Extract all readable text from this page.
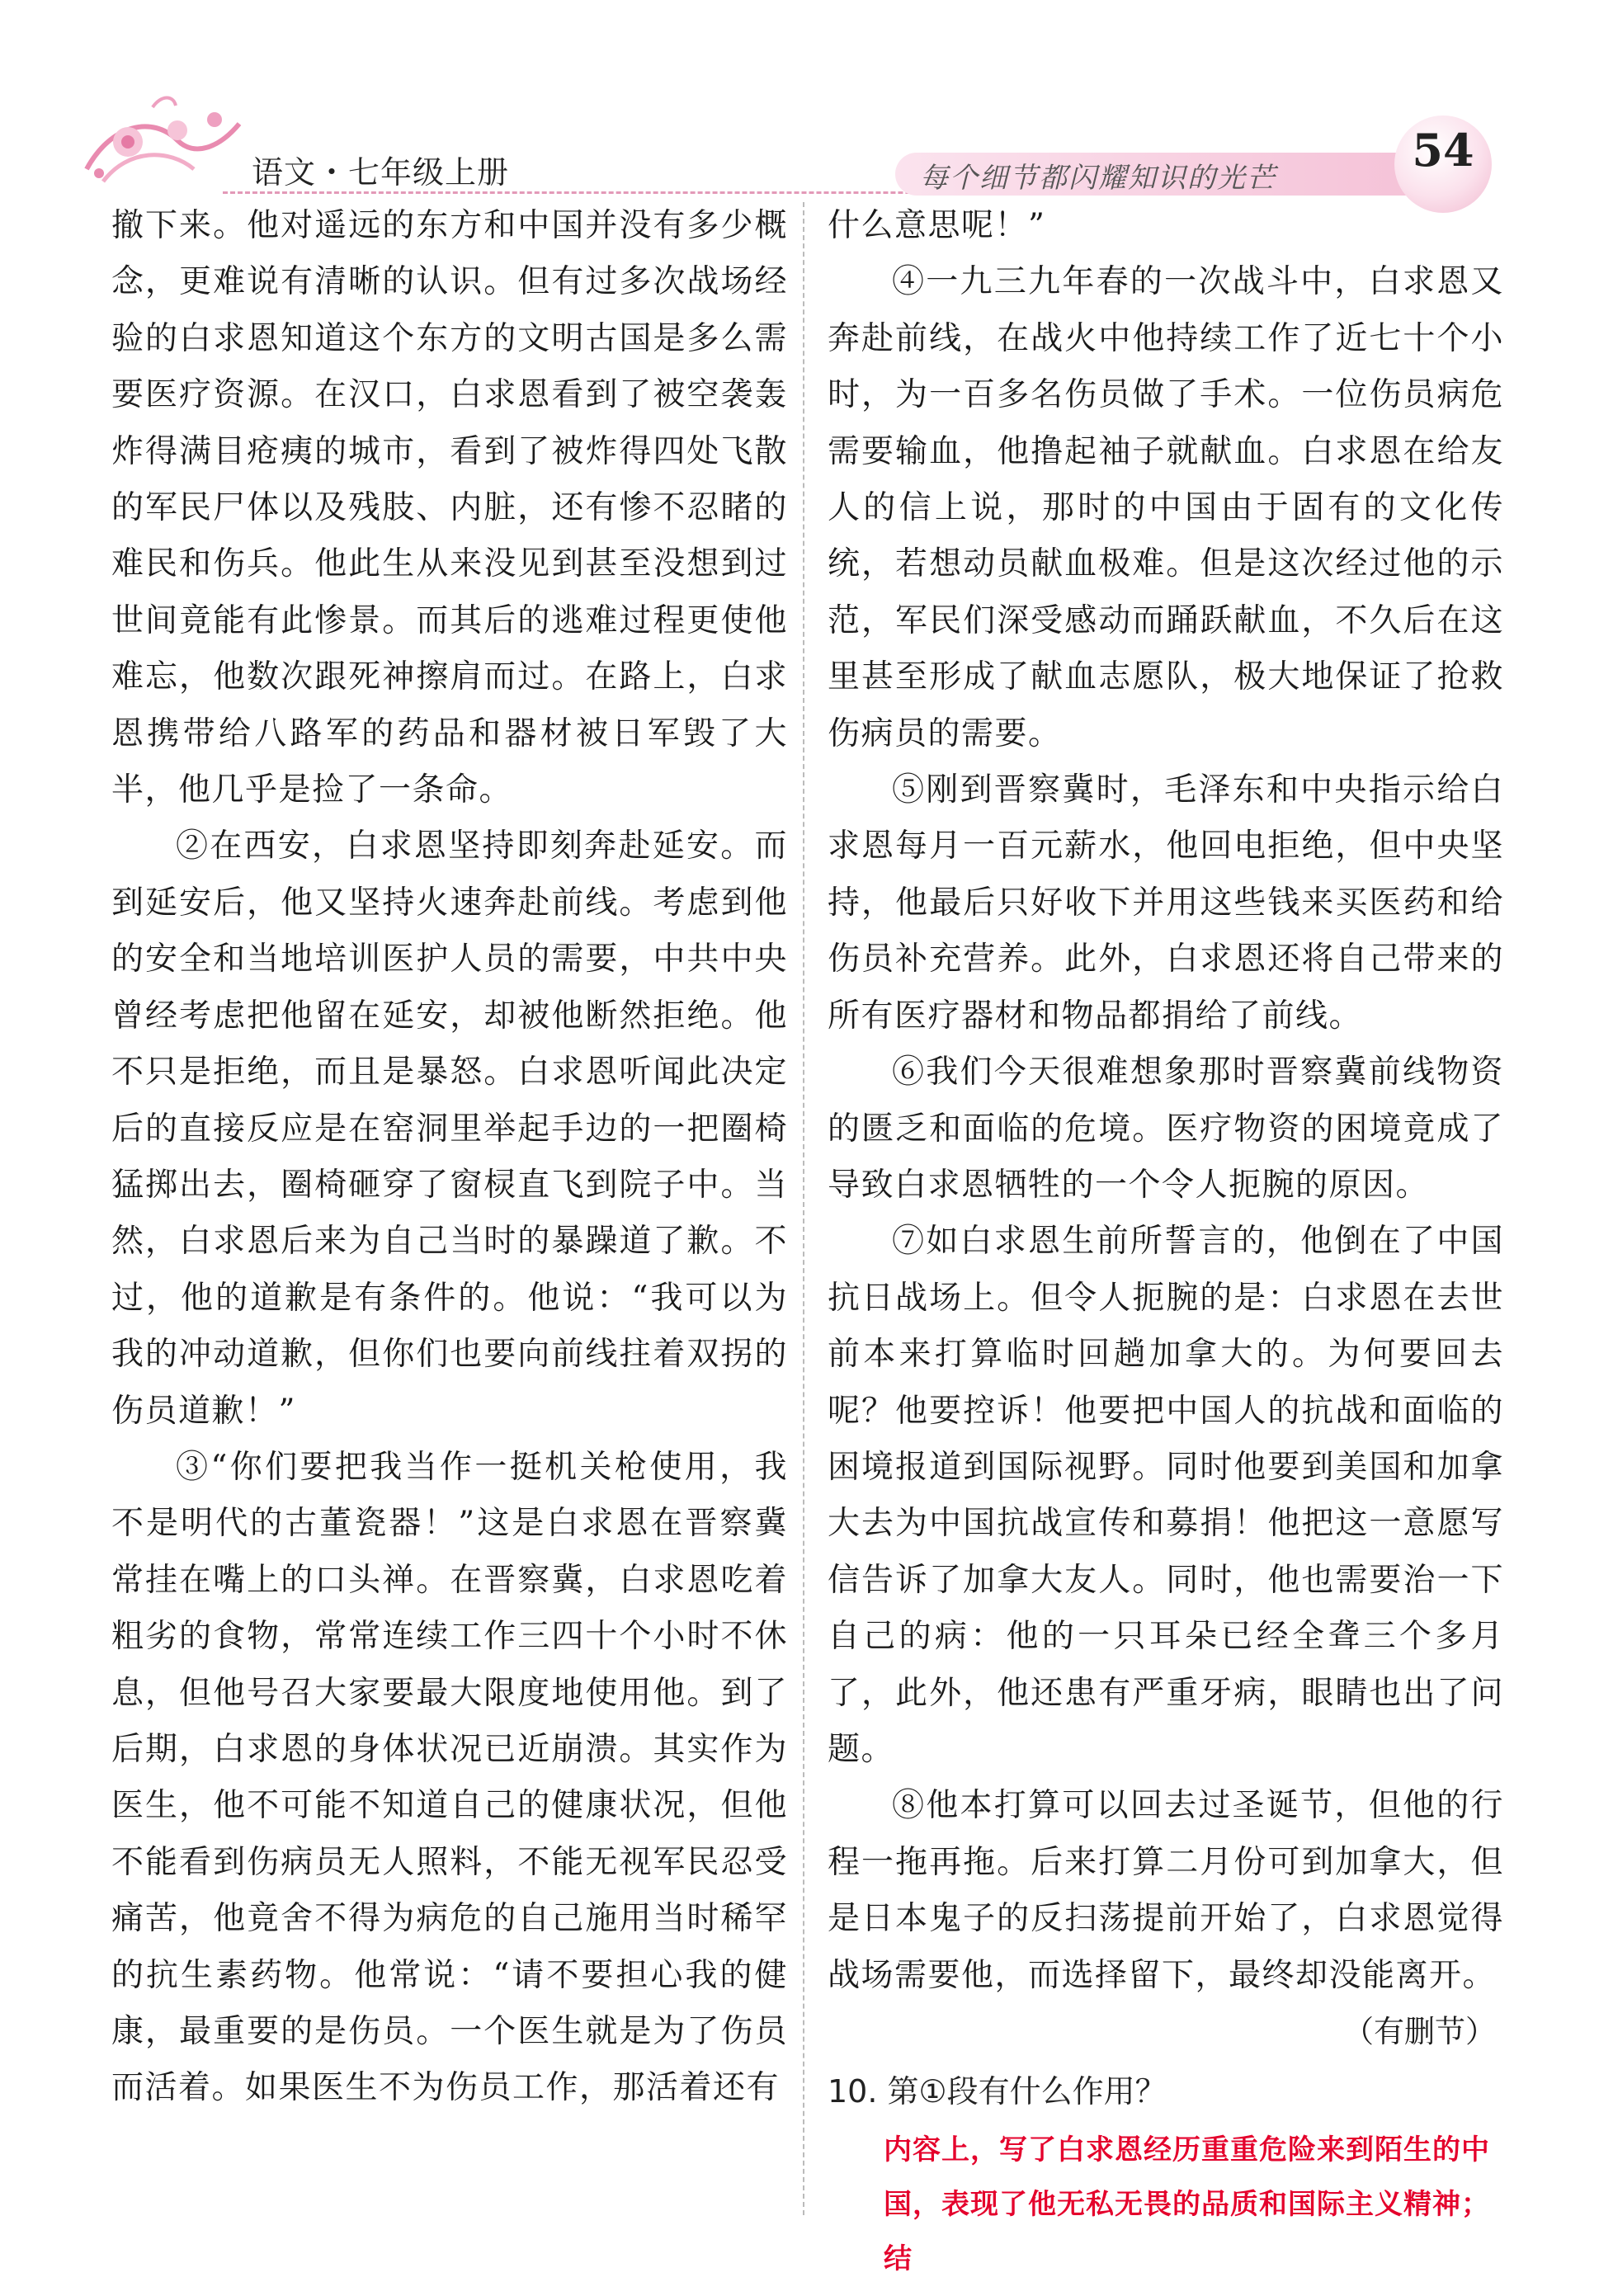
语文・七年级上册	每个细节都闪耀知识的光芒
54

撤下来。他对遥远的东方和中国并没有多少概念，更难说有清晰的认识。但有过多次战场经验的白求恩知道这个东方的文明古国是多么需要医疗资源。在汉口，白求恩看到了被空袭轰炸得满目疮痍的城市，看到了被炸得四处飞散的军民尸体以及残肢、内脏，还有惨不忍睹的难民和伤兵。他此生从来没见到甚至没想到过世间竟能有此惨景。而其后的逃难过程更使他难忘，他数次跟死神擦肩而过。在路上，白求恩携带给八路军的药品和器材被日军毁了大半，他几乎是捡了一条命。

②在西安，白求恩坚持即刻奔赴延安。而到延安后，他又坚持火速奔赴前线。考虑到他的安全和当地培训医护人员的需要，中共中央曾经考虑把他留在延安，却被他断然拒绝。他不只是拒绝，而且是暴怒。白求恩听闻此决定后的直接反应是在窑洞里举起手边的一把圈椅猛掷出去，圈椅砸穿了窗棂直飞到院子中。当然，白求恩后来为自己当时的暴躁道了歉。不过，他的道歉是有条件的。他说：“我可以为我的冲动道歉，但你们也要向前线拄着双拐的伤员道歉！”

③“你们要把我当作一挺机关枪使用，我不是明代的古董瓷器！”这是白求恩在晋察冀常挂在嘴上的口头禅。在晋察冀，白求恩吃着粗劣的食物，常常连续工作三四十个小时不休息，但他号召大家要最大限度地使用他。到了后期，白求恩的身体状况已近崩溃。其实作为医生，他不可能不知道自己的健康状况，但他不能看到伤病员无人照料，不能无视军民忍受痛苦，他竟舍不得为病危的自己施用当时稀罕的抗生素药物。他常说：“请不要担心我的健康，最重要的是伤员。一个医生就是为了伤员而活着。如果医生不为伤员工作，那活着还有

什么意思呢！”

④一九三九年春的一次战斗中，白求恩又奔赴前线，在战火中他持续工作了近七十个小时，为一百多名伤员做了手术。一位伤员病危需要输血，他撸起袖子就献血。白求恩在给友人的信上说，那时的中国由于固有的文化传统，若想动员献血极难。但是这次经过他的示范，军民们深受感动而踊跃献血，不久后在这里甚至形成了献血志愿队，极大地保证了抢救伤病员的需要。

⑤刚到晋察冀时，毛泽东和中央指示给白求恩每月一百元薪水，他回电拒绝，但中央坚持，他最后只好收下并用这些钱来买医药和给伤员补充营养。此外，白求恩还将自己带来的所有医疗器材和物品都捐给了前线。

⑥我们今天很难想象那时晋察冀前线物资的匮乏和面临的危境。医疗物资的困境竟成了导致白求恩牺牲的一个令人扼腕的原因。

⑦如白求恩生前所誓言的，他倒在了中国抗日战场上。但令人扼腕的是：白求恩在去世前本来打算临时回趟加拿大的。为何要回去呢？他要控诉！他要把中国人的抗战和面临的困境报道到国际视野。同时他要到美国和加拿大去为中国抗战宣传和募捐！他把这一意愿写信告诉了加拿大友人。同时，他也需要治一下自己的病：他的一只耳朵已经全聋三个多月了，此外，他还患有严重牙病，眼睛也出了问题。

⑧他本打算可以回去过圣诞节，但他的行程一拖再拖。后来打算二月份可到加拿大，但是日本鬼子的反扫荡提前开始了，白求恩觉得战场需要他，而选择留下，最终却没能离开。

（有删节）

10. 第①段有什么作用？

内容上，写了白求恩经历重重危险来到陌生的中国，表现了他无私无畏的品质和国际主义精神；结
